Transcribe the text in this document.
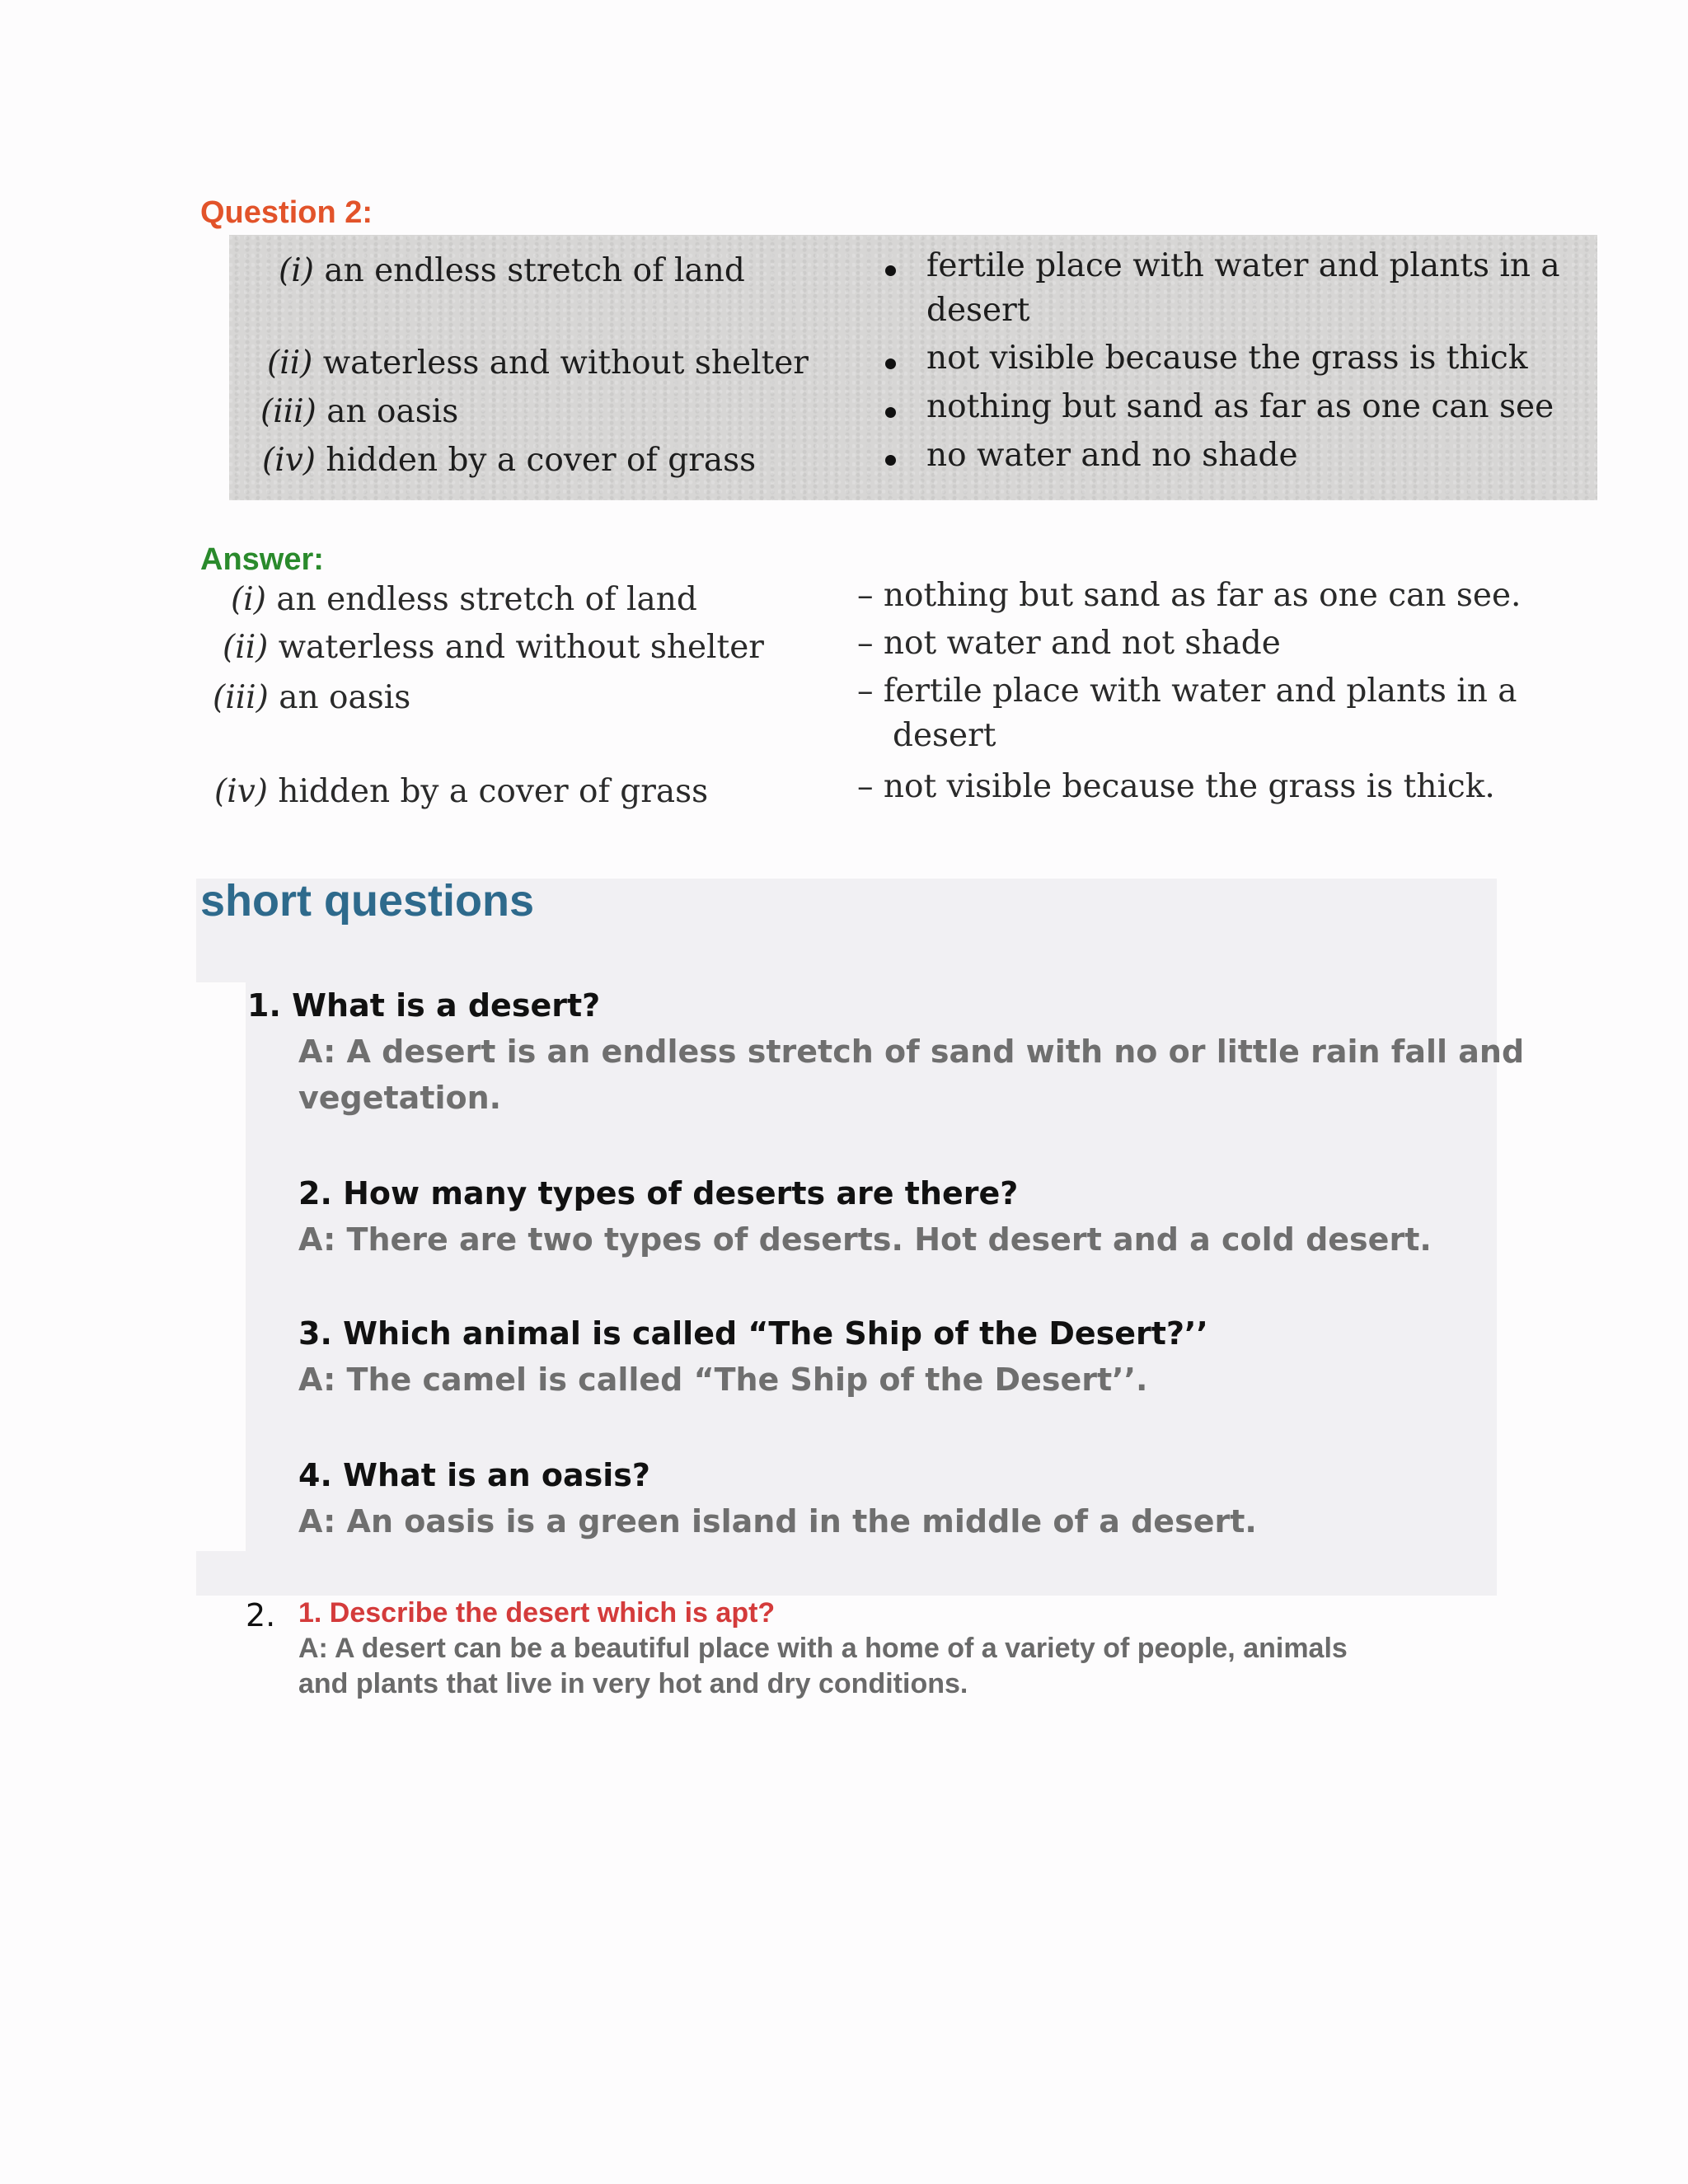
Question 2:
(i) an endless stretch of land
(ii) waterless and without shelter
(iii) an oasis
(iv) hidden by a cover of grass
fertile place with water and plants in a
desert
not visible because the grass is thick
nothing but sand as far as one can see
no water and no shade
Answer:
(i) an endless stretch of land
(ii) waterless and without shelter
(iii) an oasis
(iv) hidden by a cover of grass
– nothing but sand as far as one can see.
– not water and not shade
– fertile place with water and plants in a
desert
– not visible because the grass is thick.
short questions
1. What is a desert?
A: A desert is an endless stretch of sand with no or little rain fall and
vegetation.
2. How many types of deserts are there?
A: There are two types of deserts. Hot desert and a cold desert.
3. Which animal is called “The Ship of the Desert?’’
A: The camel is called “The Ship of the Desert’’.
4. What is an oasis?
A: An oasis is a green island in the middle of a desert.
2. 1. Describe the desert which is apt?
A: A desert can be a beautiful place with a home of a variety of people, animals
and plants that live in very hot and dry conditions.
